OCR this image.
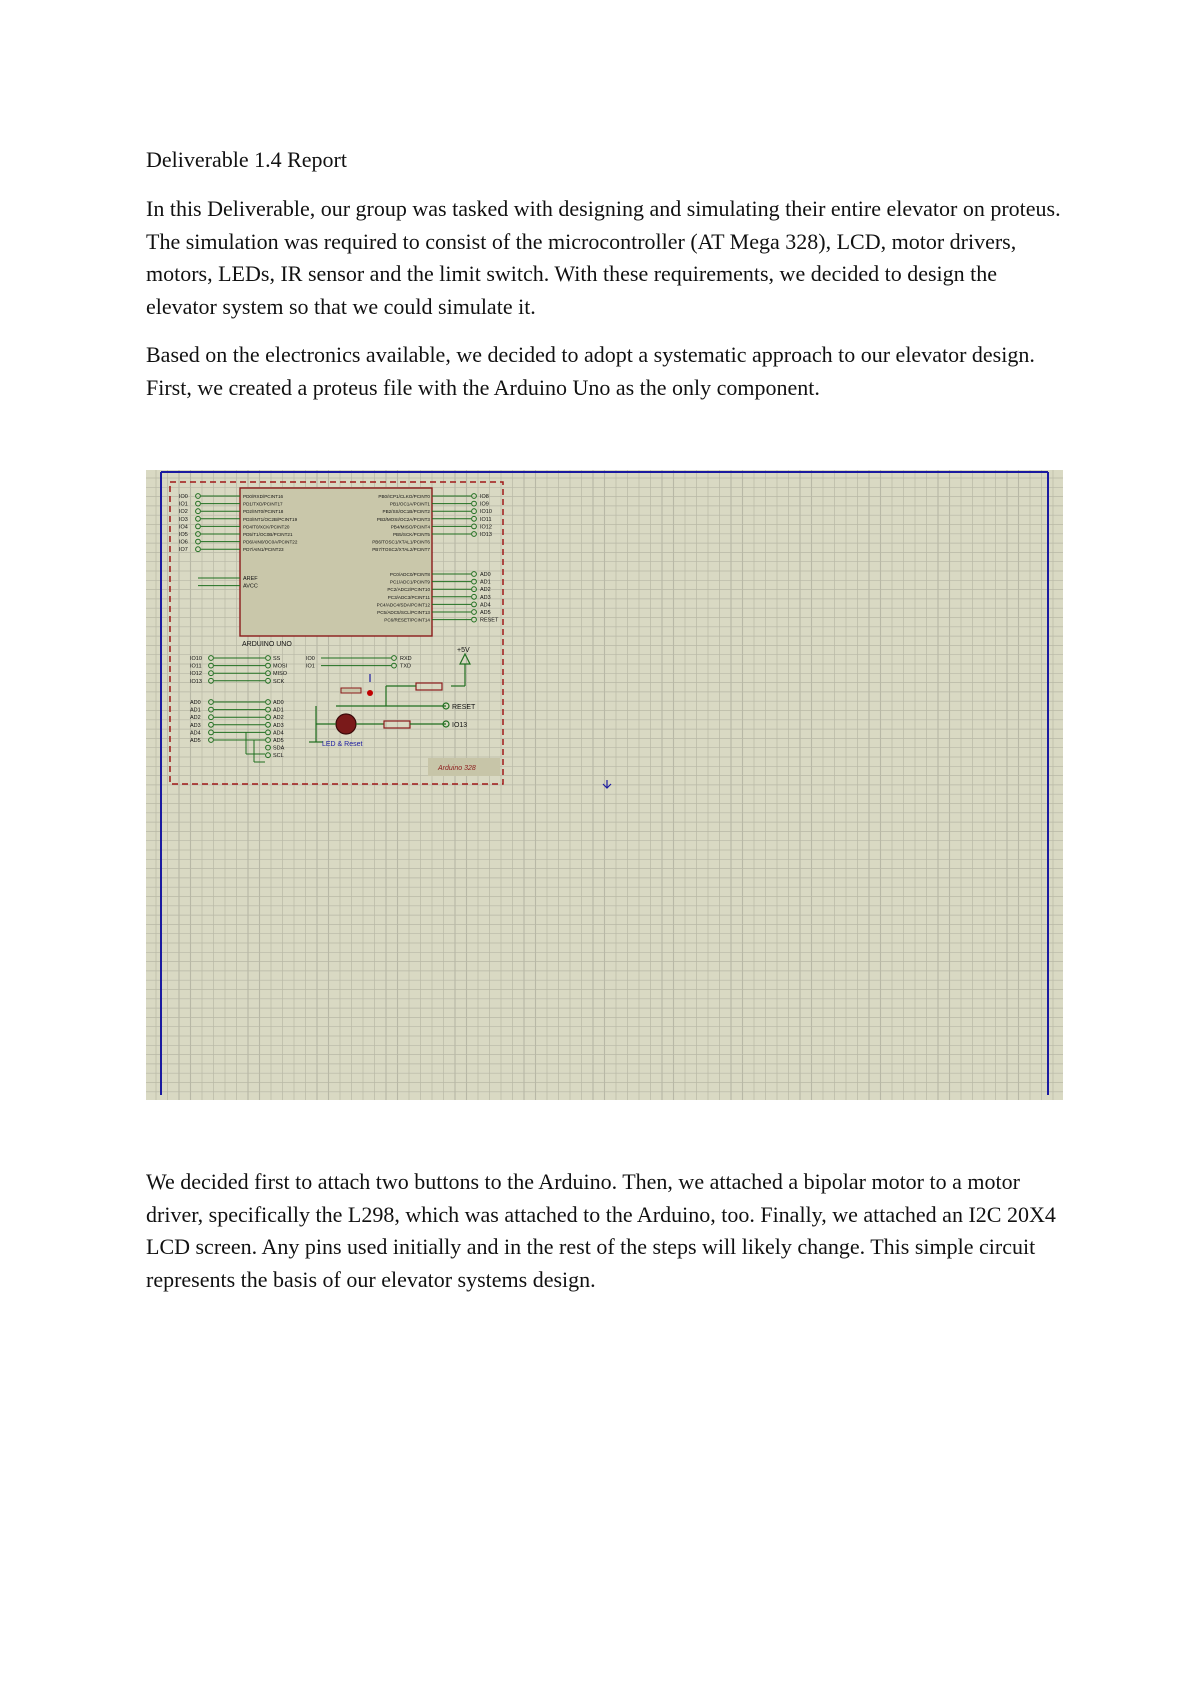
Deliverable 1.4 Report

In this Deliverable, our group was tasked with designing and simulating their entire elevator on proteus. The simulation was required to consist of the microcontroller (AT Mega 328), LCD, motor drivers, motors, LEDs, IR sensor and the limit switch. With these requirements, we decided to design the elevator system so that we could simulate it.

Based on the electronics available, we decided to adopt a systematic approach to our elevator design. First, we created a proteus file with the Arduino Uno as the only component.

ARDUINO UNO
IO0	PD0/RXD/PCINT16
IO1	PD1/TXD/PCINT17
IO2	PD2/INT0/PCINT18
IO3	PD3/INT1/OC2B/PCINT19
IO4	PD4/T0/XCK/PCINT20
IO5	PD5/T1/OC0B/PCINT21
IO6	PD6/AIN0/OC0A/PCINT22
IO7	PD7/AIN1/PCINT23
AREF
AVCC
IO8
IO9
IO10
IO11
IO12
IO13
PB0/ICP1/CLKO/PCINT0
PB1/OC1A/PCINT1
PB2/SS/OC1B/PCINT2
PB3/MOSI/OC2A/PCINT3
PB4/MISO/PCINT4
PB5/SCK/PCINT5
PB6/TOSC1/XTAL1/PCINT6
PB7/TOSC2/XTAL2/PCINT7
AD0
AD1
AD2
AD3
AD4
AD5
PC0/ADC0/PCINT8
PC1/ADC1/PCINT9
PC2/ADC2/PCINT10
PC3/ADC3/PCINT11
PC4/ADC4/SDA/PCINT12
PC5/ADC5/SCL/PCINT13
PC6/RESET/PCINT14	RESET
IO10	SS
IO11	MOSI
IO12	MISO
IO13	SCK
AD0
AD1
AD2
AD3
AD4
AD5
AD0
AD1
AD2
AD3
AD4
AD5
SDA
SCL
IO0	RXD
IO1	TXD
+5V
RESET
IO13
LED & Reset
Arduino 328

We decided first to attach two buttons to the Arduino. Then, we attached a bipolar motor to a motor driver, specifically the L298, which was attached to the Arduino, too. Finally, we attached an I2C 20X4 LCD screen. Any pins used initially and in the rest of the steps will likely change. This simple circuit represents the basis of our elevator systems design.
